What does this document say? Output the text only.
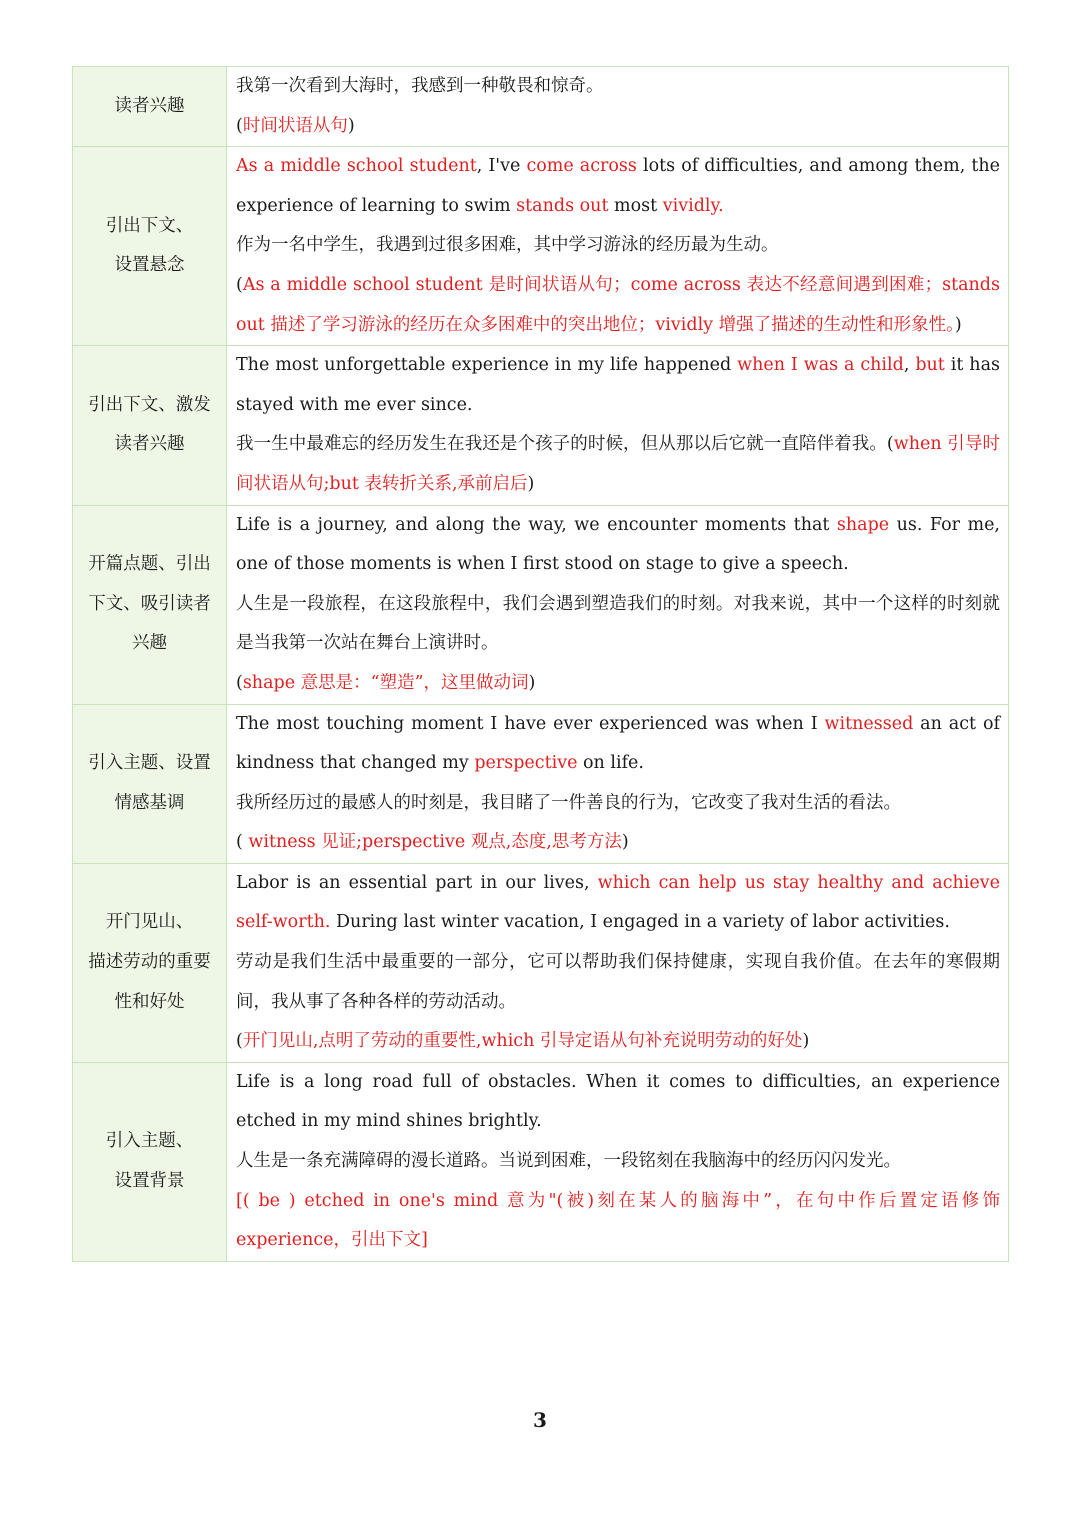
读者兴趣	我第一次看到大海时，我感到一种敬畏和惊奇。
(时间状语从句)

引出下文、 设置悬念	As a middle school student, I've come across lots of difficulties, and among them, the experience of learning to swim stands out most vividly.
作为一名中学生，我遇到过很多困难，其中学习游泳的经历最为生动。
(As a middle school student 是时间状语从句；come across 表达不经意间遇到困难；stands out 描述了学习游泳的经历在众多困难中的突出地位；vividly 增强了描述的生动性和形象性。)

引出下文、激发 读者兴趣	The most unforgettable experience in my life happened when I was a child, but it has stayed with me ever since.
我一生中最难忘的经历发生在我还是个孩子的时候，但从那以后它就一直陪伴着我。(when 引导时间状语从句;but 表转折关系,承前启后)

开篇点题、引出 下文、吸引读者 兴趣	Life is a journey, and along the way, we encounter moments that shape us. For me, one of those moments is when I first stood on stage to give a speech.
人生是一段旅程，在这段旅程中，我们会遇到塑造我们的时刻。对我来说，其中一个这样的时刻就是当我第一次站在舞台上演讲时。
(shape 意思是：“塑造”，这里做动词)

引入主题、设置 情感基调	The most touching moment I have ever experienced was when I witnessed an act of kindness that changed my perspective on life.
我所经历过的最感人的时刻是，我目睹了一件善良的行为，它改变了我对生活的看法。
( witness 见证;perspective 观点,态度,思考方法)

开门见山、 描述劳动的重要 性和好处	Labor is an essential part in our lives, which can help us stay healthy and achieve self-worth. During last winter vacation, I engaged in a variety of labor activities.
劳动是我们生活中最重要的一部分，它可以帮助我们保持健康，实现自我价值。在去年的寒假期间，我从事了各种各样的劳动活动。
(开门见山,点明了劳动的重要性,which 引导定语从句补充说明劳动的好处)

引入主题、 设置背景	Life is a long road full of obstacles. When it comes to difficulties, an experience etched in my mind shines brightly.
人生是一条充满障碍的漫长道路。当说到困难，一段铭刻在我脑海中的经历闪闪发光。
[( be ) etched in one's mind 意为"(被)刻在某人的脑海中”，在句中作后置定语修饰 experience，引出下文]
3
